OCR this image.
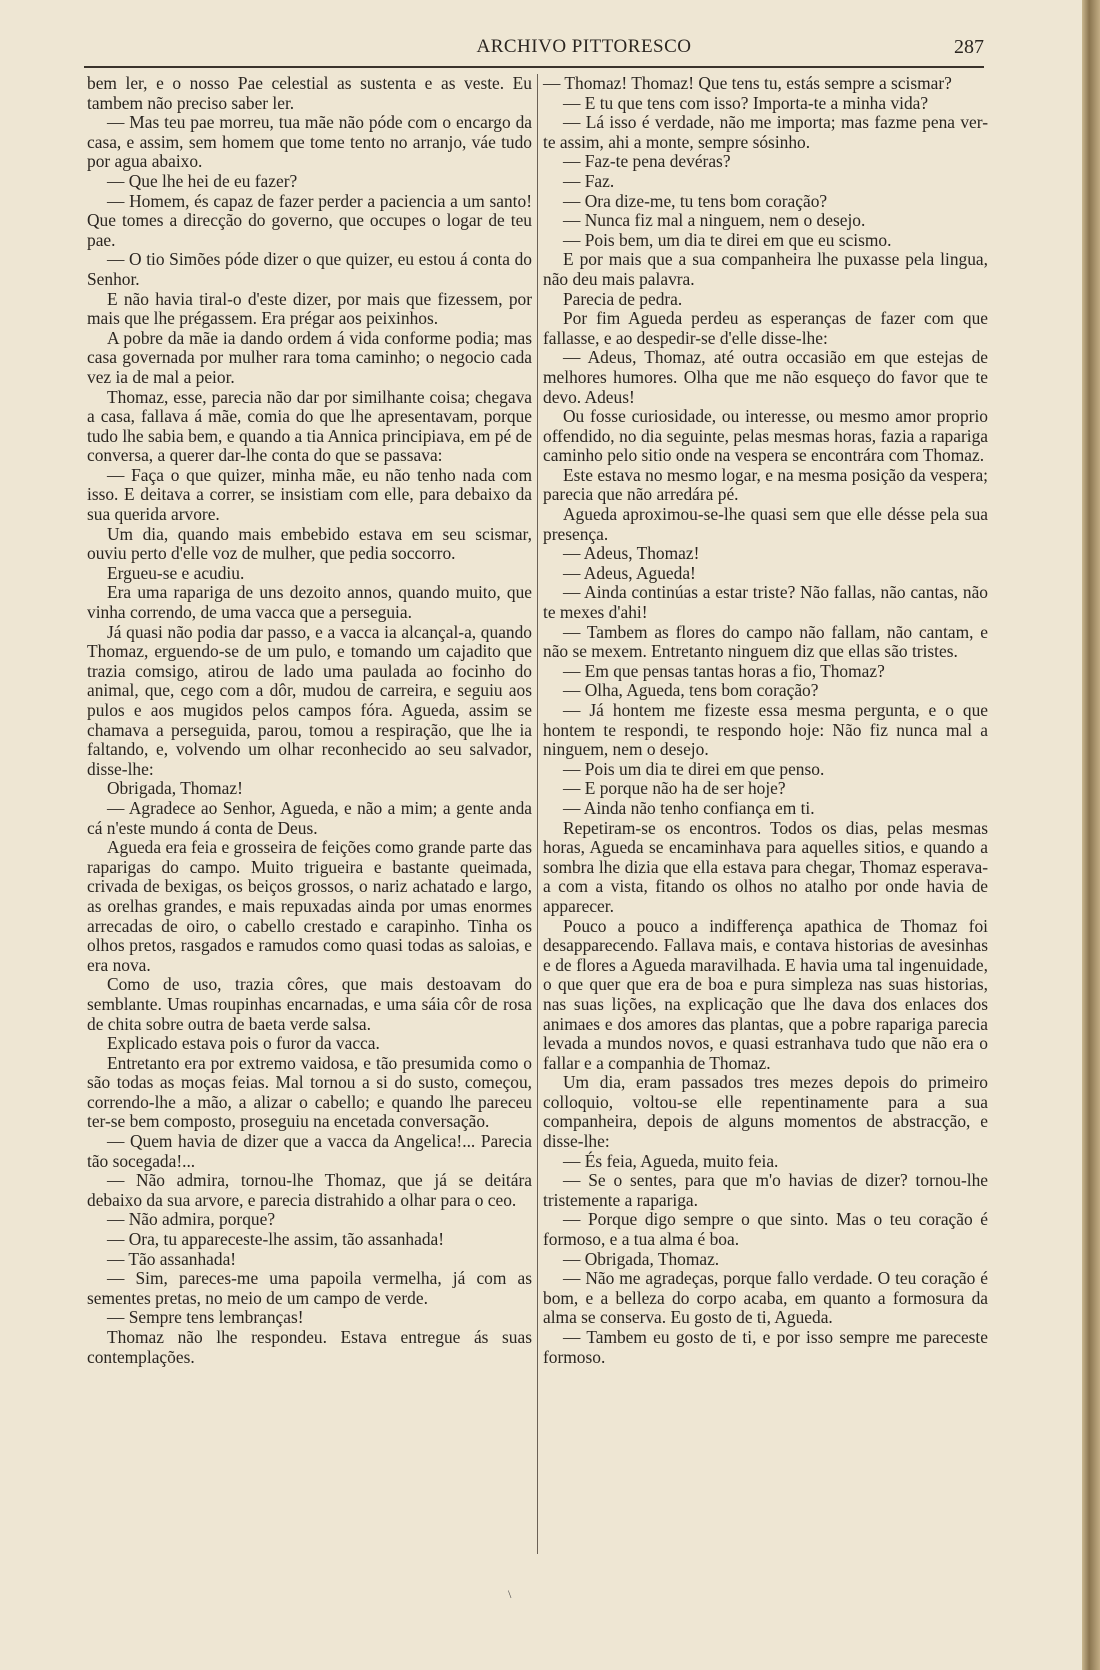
ARCHIVO PITTORESCO	287

bem ler, e o nosso Pae celestial as sustenta e as veste. Eu tambem não preciso saber ler.

— Mas teu pae morreu, tua mãe não póde com o encargo da casa, e assim, sem homem que tome tento no arranjo, váe tudo por agua abaixo.

— Que lhe hei de eu fazer?

— Homem, és capaz de fazer perder a paciencia a um santo! Que tomes a direcção do governo, que occupes o logar de teu pae.

— O tio Simões póde dizer o que quizer, eu estou á conta do Senhor.

E não havia tiral-o d'este dizer, por mais que fizessem, por mais que lhe prégassem. Era prégar aos peixinhos.

A pobre da mãe ia dando ordem á vida conforme podia; mas casa governada por mulher rara toma caminho; o negocio cada vez ia de mal a peior.

Thomaz, esse, parecia não dar por similhante coisa; chegava a casa, fallava á mãe, comia do que lhe apresentavam, porque tudo lhe sabia bem, e quando a tia Annica principiava, em pé de conversa, a querer dar-lhe conta do que se passava:

— Faça o que quizer, minha mãe, eu não tenho nada com isso. E deitava a correr, se insistiam com elle, para debaixo da sua querida arvore.

Um dia, quando mais embebido estava em seu scismar, ouviu perto d'elle voz de mulher, que pedia soccorro.

Ergueu-se e acudiu.

Era uma rapariga de uns dezoito annos, quando muito, que vinha correndo, de uma vacca que a perseguia.

Já quasi não podia dar passo, e a vacca ia alcançal-a, quando Thomaz, erguendo-se de um pulo, e tomando um cajadito que trazia comsigo, atirou de lado uma paulada ao focinho do animal, que, cego com a dôr, mudou de carreira, e seguiu aos pulos e aos mugidos pelos campos fóra. Agueda, assim se chamava a perseguida, parou, tomou a respiração, que lhe ia faltando, e, volvendo um olhar reconhecido ao seu salvador, disse-lhe:

Obrigada, Thomaz!

— Agradece ao Senhor, Agueda, e não a mim; a gente anda cá n'este mundo á conta de Deus.

Agueda era feia e grosseira de feições como grande parte das raparigas do campo. Muito trigueira e bastante queimada, crivada de bexigas, os beiços grossos, o nariz achatado e largo, as orelhas grandes, e mais repuxadas ainda por umas enormes arrecadas de oiro, o cabello crestado e carapinho. Tinha os olhos pretos, rasgados e ramudos como quasi todas as saloias, e era nova.

Como de uso, trazia côres, que mais destoavam do semblante. Umas roupinhas encarnadas, e uma sáia côr de rosa de chita sobre outra de baeta verde salsa.

Explicado estava pois o furor da vacca.

Entretanto era por extremo vaidosa, e tão presumida como o são todas as moças feias. Mal tornou a si do susto, começou, correndo-lhe a mão, a alizar o cabello; e quando lhe pareceu ter-se bem composto, proseguiu na encetada conversação.

— Quem havia de dizer que a vacca da Angelica!... Parecia tão socegada!...

— Não admira, tornou-lhe Thomaz, que já se deitára debaixo da sua arvore, e parecia distrahido a olhar para o ceo.

— Não admira, porque?

— Ora, tu appareceste-lhe assim, tão assanhada!

— Tão assanhada!

— Sim, pareces-me uma papoila vermelha, já com as sementes pretas, no meio de um campo de verde.

— Sempre tens lembranças!

Thomaz não lhe respondeu. Estava entregue ás suas contemplações.

— Thomaz! Thomaz! Que tens tu, estás sempre a scismar?

— E tu que tens com isso? Importa-te a minha vida?

— Lá isso é verdade, não me importa; mas fazme pena ver-te assim, ahi a monte, sempre sósinho.

— Faz-te pena devéras?

— Faz.

— Ora dize-me, tu tens bom coração?

— Nunca fiz mal a ninguem, nem o desejo.

— Pois bem, um dia te direi em que eu scismo.

E por mais que a sua companheira lhe puxasse pela lingua, não deu mais palavra.

Parecia de pedra.

Por fim Agueda perdeu as esperanças de fazer com que fallasse, e ao despedir-se d'elle disse-lhe:

— Adeus, Thomaz, até outra occasião em que estejas de melhores humores. Olha que me não esqueço do favor que te devo. Adeus!

Ou fosse curiosidade, ou interesse, ou mesmo amor proprio offendido, no dia seguinte, pelas mesmas horas, fazia a rapariga caminho pelo sitio onde na vespera se encontrára com Thomaz.

Este estava no mesmo logar, e na mesma posição da vespera; parecia que não arredára pé.

Agueda aproximou-se-lhe quasi sem que elle désse pela sua presença.

— Adeus, Thomaz!

— Adeus, Agueda!

— Ainda continúas a estar triste? Não fallas, não cantas, não te mexes d'ahi!

— Tambem as flores do campo não fallam, não cantam, e não se mexem. Entretanto ninguem diz que ellas são tristes.

— Em que pensas tantas horas a fio, Thomaz?

— Olha, Agueda, tens bom coração?

— Já hontem me fizeste essa mesma pergunta, e o que hontem te respondi, te respondo hoje: Não fiz nunca mal a ninguem, nem o desejo.

— Pois um dia te direi em que penso.

— E porque não ha de ser hoje?

— Ainda não tenho confiança em ti.

Repetiram-se os encontros. Todos os dias, pelas mesmas horas, Agueda se encaminhava para aquelles sitios, e quando a sombra lhe dizia que ella estava para chegar, Thomaz esperava-a com a vista, fitando os olhos no atalho por onde havia de apparecer.

Pouco a pouco a indifferença apathica de Thomaz foi desapparecendo. Fallava mais, e contava historias de avesinhas e de flores a Agueda maravilhada. E havia uma tal ingenuidade, o que quer que era de boa e pura simpleza nas suas historias, nas suas lições, na explicação que lhe dava dos enlaces dos animaes e dos amores das plantas, que a pobre rapariga parecia levada a mundos novos, e quasi estranhava tudo que não era o fallar e a companhia de Thomaz.

Um dia, eram passados tres mezes depois do primeiro colloquio, voltou-se elle repentinamente para a sua companheira, depois de alguns momentos de abstracção, e disse-lhe:

— És feia, Agueda, muito feia.

— Se o sentes, para que m'o havias de dizer? tornou-lhe tristemente a rapariga.

— Porque digo sempre o que sinto. Mas o teu coração é formoso, e a tua alma é boa.

— Obrigada, Thomaz.

— Não me agradeças, porque fallo verdade. O teu coração é bom, e a belleza do corpo acaba, em quanto a formosura da alma se conserva. Eu gosto de ti, Agueda.

— Tambem eu gosto de ti, e por isso sempre me pareceste formoso.

\
